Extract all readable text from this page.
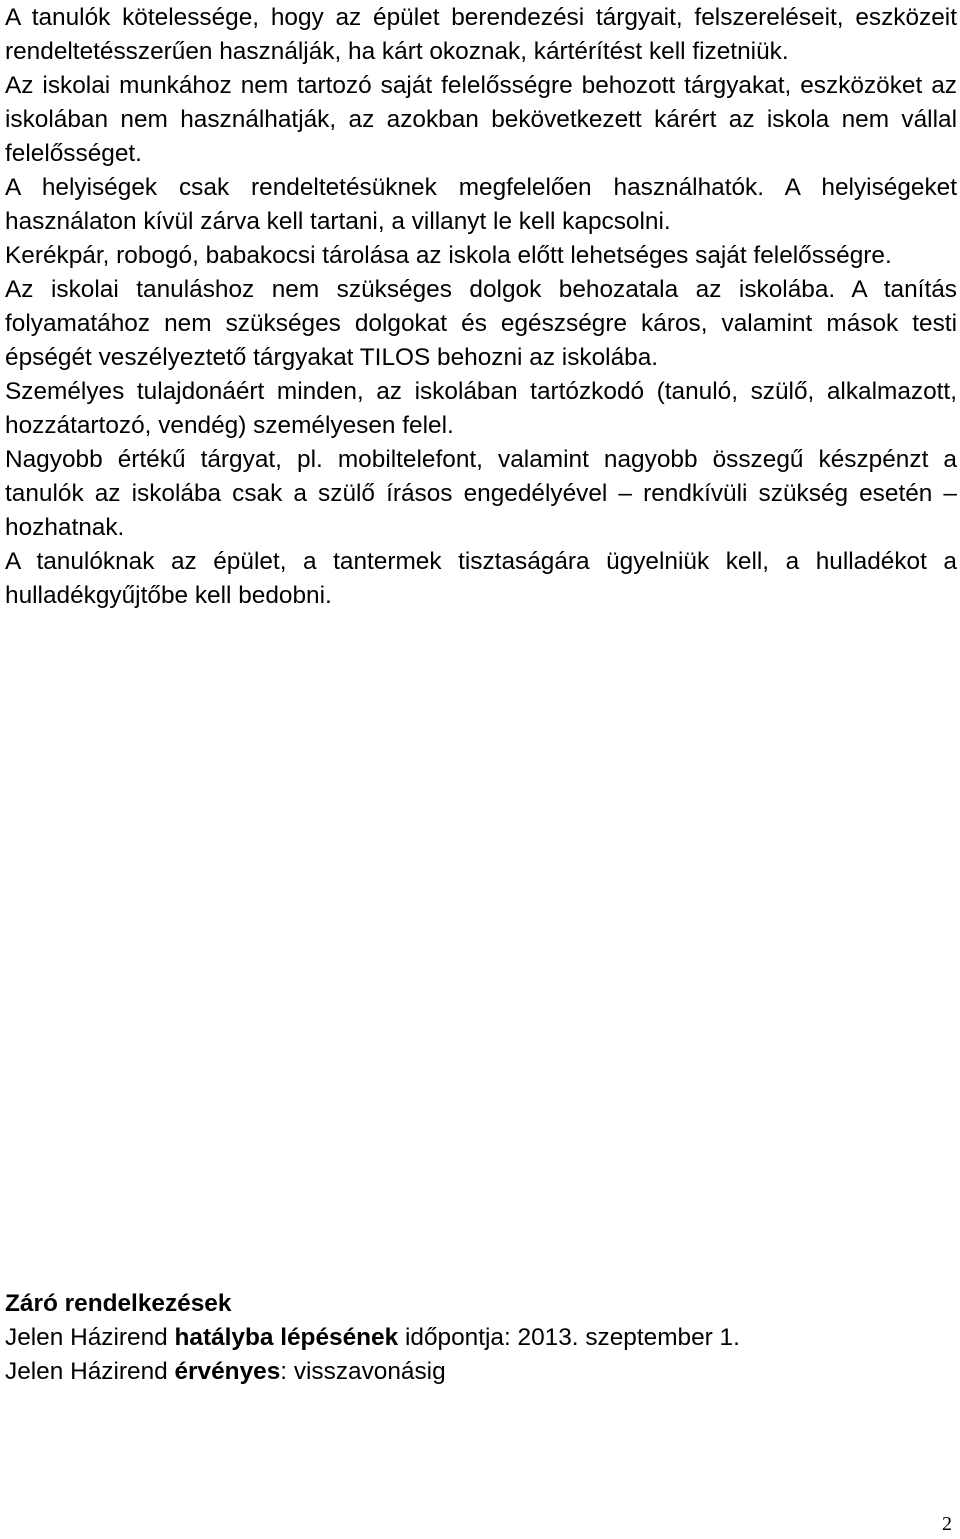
A tanulók kötelessége, hogy az épület berendezési tárgyait, felszereléseit, eszközeit rendeltetésszerűen használják, ha kárt okoznak, kártérítést kell fizetniük.

Az iskolai munkához nem tartozó saját felelősségre behozott tárgyakat, eszközöket az iskolában nem használhatják, az azokban bekövetkezett kárért az iskola nem vállal felelősséget.

A helyiségek csak rendeltetésüknek megfelelően használhatók. A helyiségeket használaton kívül zárva kell tartani, a villanyt le kell kapcsolni.

Kerékpár, robogó, babakocsi tárolása az iskola előtt lehetséges saját felelősségre.

Az iskolai tanuláshoz nem szükséges dolgok behozatala az iskolába. A tanítás folyamatához nem szükséges dolgokat és egészségre káros, valamint mások testi épségét veszélyeztető tárgyakat TILOS behozni az iskolába.

Személyes tulajdonáért minden, az iskolában tartózkodó (tanuló, szülő, alkalmazott, hozzátartozó, vendég) személyesen felel.

Nagyobb értékű tárgyat, pl. mobiltelefont, valamint nagyobb összegű készpénzt a tanulók az iskolába csak a szülő írásos engedélyével – rendkívüli szükség esetén – hozhatnak.

A tanulóknak az épület, a tantermek tisztaságára ügyelniük kell, a hulladékot a hulladékgyűjtőbe kell bedobni.

Záró rendelkezések

Jelen Házirend hatályba lépésének időpontja: 2013. szeptember 1.

Jelen Házirend érvényes: visszavonásig

2
